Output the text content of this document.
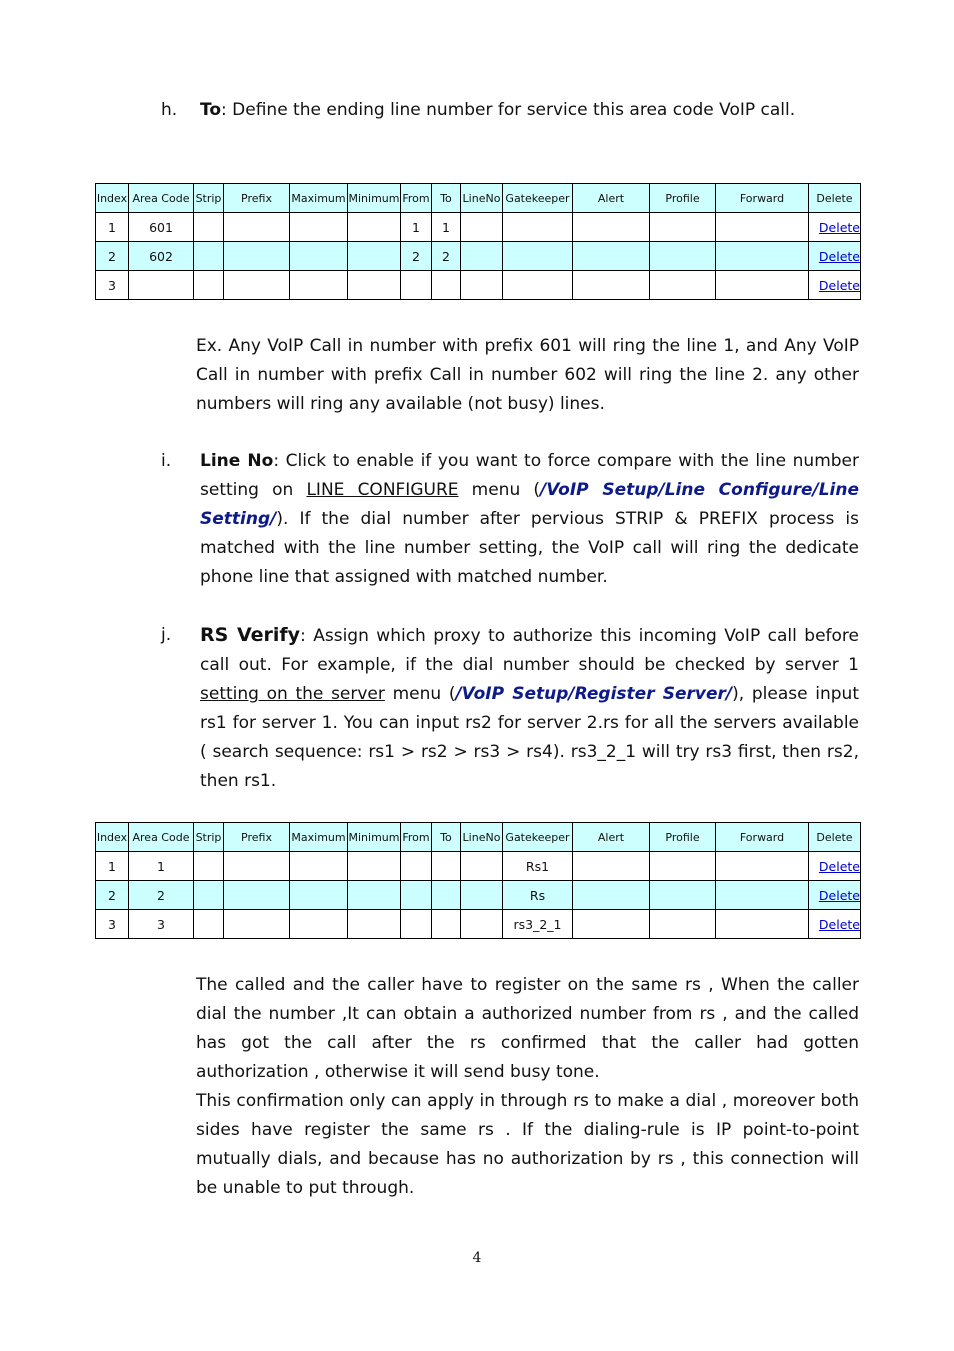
h. To: Define the ending line number for service this area code VoIP call.
Index	Area Code	Strip	Prefix	Maximum	Minimum	From	To	LineNo	Gatekeeper	Alert	Profile	Forward	Delete
1	601					1	1						Delete
2	602					2	2						Delete
3													Delete

Ex. Any VoIP Call in number with prefix 601 will ring the line 1, and Any VoIP Call in number with prefix Call in number 602 will ring the line 2. any other numbers will ring any available (not busy) lines.

i. Line No: Click to enable if you want to force compare with the line number setting on LINE CONFIGURE menu (/VoIP Setup/Line Configure/Line Setting/). If the dial number after pervious STRIP & PREFIX process is matched with the line number setting, the VoIP call will ring the dedicate phone line that assigned with matched number.
j. RS Verify: Assign which proxy to authorize this incoming VoIP call before call out. For example, if the dial number should be checked by server 1 setting on the server menu (/VoIP Setup/Register Server/), please input rs1 for server 1. You can input rs2 for server 2.rs for all the servers available ( search sequence: rs1 > rs2 > rs3 > rs4). rs3_2_1 will try rs3 first, then rs2, then rs1.
Index	Area Code	Strip	Prefix	Maximum	Minimum	From	To	LineNo	Gatekeeper	Alert	Profile	Forward	Delete
1	1								Rs1				Delete
2	2								Rs				Delete
3	3								rs3_2_1				Delete

The called and the caller have to register on the same rs , When the caller dial the number ,It can obtain a authorized number from rs , and the called has got the call after the rs confirmed that the caller had gotten authorization , otherwise it will send busy tone.

This confirmation only can apply in through rs to make a dial , moreover both sides have register the same rs . If the dialing-rule is IP point-to-point mutually dials, and because has no authorization by rs , this connection will be unable to put through.

4
